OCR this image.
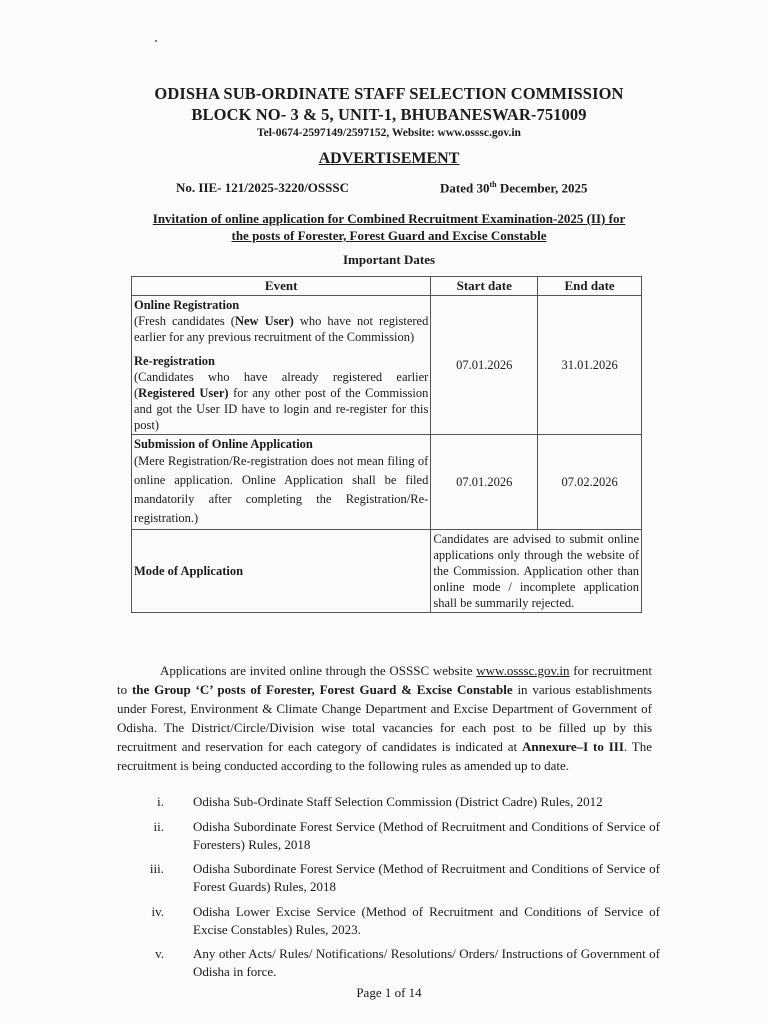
ODISHA SUB-ORDINATE STAFF SELECTION COMMISSION
BLOCK NO- 3 & 5, UNIT-1, BHUBANESWAR-751009
Tel-0674-2597149/2597152, Website: www.osssc.gov.in
ADVERTISEMENT
No. IIE- 121/2025-3220/OSSSC	Dated 30th December, 2025
Invitation of online application for Combined Recruitment Examination-2025 (II) for
the posts of Forester, Forest Guard and Excise Constable
Important Dates
Event	Start date	End date

Online Registration
(Fresh candidates (New User) who have not registered earlier for any previous recruitment of the Commission)
Re-registration
(Candidates who have already registered earlier (Registered User) for any other post of the Commission and got the User ID have to login and re-register for this post)	07.01.2026	31.01.2026

Submission of Online Application
(Mere Registration/Re-registration does not mean filing of online application. Online Application shall be filed mandatorily after completing the Registration/Re-registration.)	07.01.2026	07.02.2026
Mode of Application	Candidates are advised to submit online applications only through the website of the Commission. Application other than online mode / incomplete application shall be summarily rejected.	
Applications are invited online through the OSSSC website www.osssc.gov.in for recruitment to the Group ‘C’ posts of Forester, Forest Guard & Excise Constable in various establishments under Forest, Environment & Climate Change Department and Excise Department of Government of Odisha. The District/Circle/Division wise total vacancies for each post to be filled up by this recruitment and reservation for each category of candidates is indicated at Annexure–I to III. The recruitment is being conducted according to the following rules as amended up to date.
i. Odisha Sub-Ordinate Staff Selection Commission (District Cadre) Rules, 2012
ii. Odisha Subordinate Forest Service (Method of Recruitment and Conditions of Service of Foresters) Rules, 2018
iii. Odisha Subordinate Forest Service (Method of Recruitment and Conditions of Service of Forest Guards) Rules, 2018
iv. Odisha Lower Excise Service (Method of Recruitment and Conditions of Service of Excise Constables) Rules, 2023.
v. Any other Acts/ Rules/ Notifications/ Resolutions/ Orders/ Instructions of Government of Odisha in force.
Page 1 of 14
